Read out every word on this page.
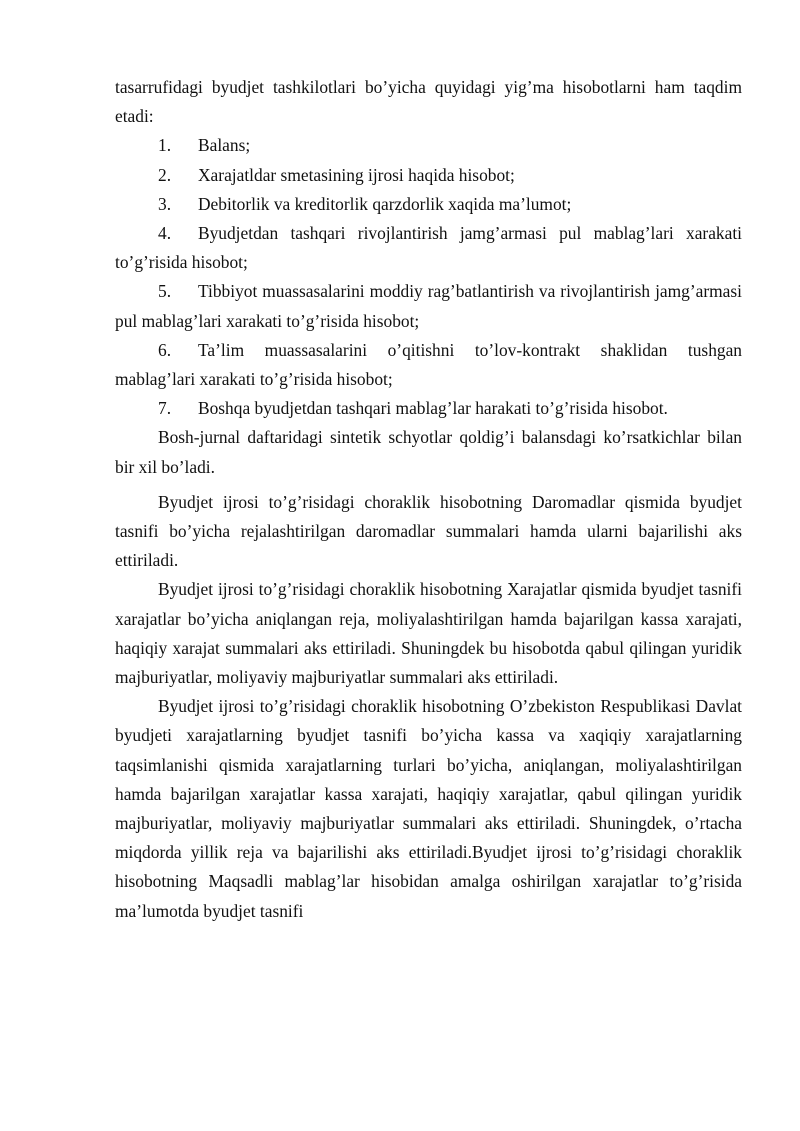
tasarrufidagi byudjet tashkilotlari bo’yicha quyidagi yig’ma hisobotlarni ham taqdim etadi:

1. Balans;

2. Xarajatldar smetasining ijrosi haqida hisobot;

3. Debitorlik va kreditorlik qarzdorlik xaqida ma’lumot;

4. Byudjetdan tashqari rivojlantirish jamg’armasi pul mablag’lari xarakati to’g’risida hisobot;

5. Tibbiyot muassasalarini moddiy rag’batlantirish va rivojlantirish jamg’armasi pul mablag’lari xarakati to’g’risida hisobot;

6. Ta’lim muassasalarini o’qitishni to’lov-kontrakt shaklidan tushgan mablag’lari xarakati to’g’risida hisobot;

7. Boshqa byudjetdan tashqari mablag’lar harakati to’g’risida hisobot.

Bosh-jurnal daftaridagi sintetik schyotlar qoldig’i balansdagi ko’rsatkichlar bilan bir xil bo’ladi.

Byudjet ijrosi to’g’risidagi choraklik hisobotning Daromadlar qismida byudjet tasnifi bo’yicha rejalashtirilgan daromadlar summalari hamda ularni bajarilishi aks ettiriladi.

Byudjet ijrosi to’g’risidagi choraklik hisobotning Xarajatlar qismida byudjet tasnifi xarajatlar bo’yicha aniqlangan reja, moliyalashtirilgan hamda bajarilgan kassa xarajati, haqiqiy xarajat summalari aks ettiriladi. Shuningdek bu hisobotda qabul qilingan yuridik majburiyatlar, moliyaviy majburiyatlar summalari aks ettiriladi.

Byudjet ijrosi to’g’risidagi choraklik hisobotning O’zbekiston Respublikasi Davlat byudjeti xarajatlarning byudjet tasnifi bo’yicha kassa va xaqiqiy xarajatlarning taqsimlanishi qismida xarajatlarning turlari bo’yicha, aniqlangan, moliyalashtirilgan hamda bajarilgan xarajatlar kassa xarajati, haqiqiy xarajatlar, qabul qilingan yuridik majburiyatlar, moliyaviy majburiyatlar summalari aks ettiriladi. Shuningdek, o’rtacha miqdorda yillik reja va bajarilishi aks ettiriladi.Byudjet ijrosi to’g’risidagi choraklik hisobotning Maqsadli mablag’lar hisobidan amalga oshirilgan xarajatlar to’g’risida ma’lumotda byudjet tasnifi
